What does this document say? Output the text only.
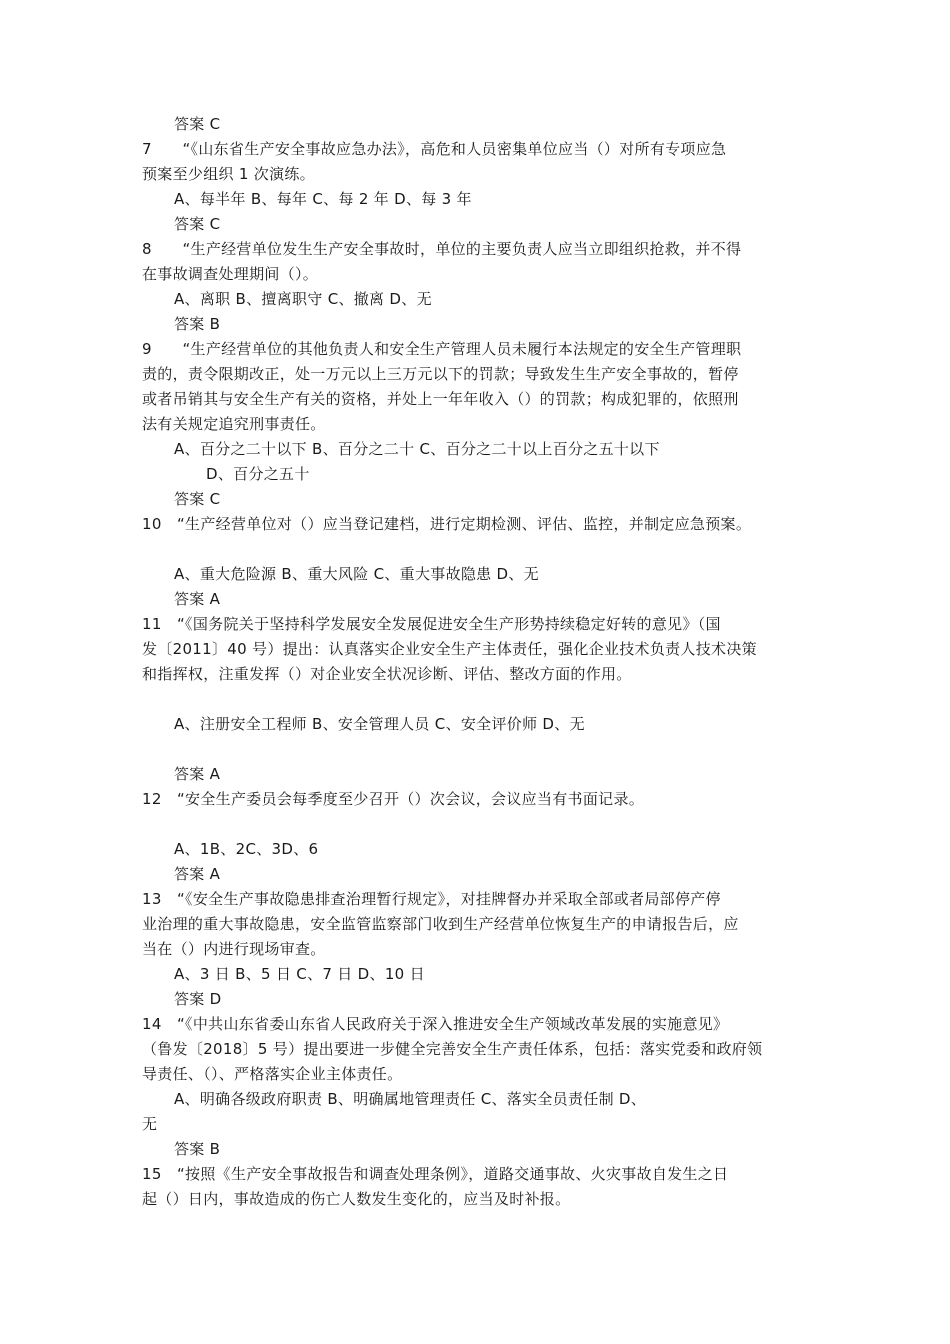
答案 C

7　　“《山东省生产安全事故应急办法》，高危和人员密集单位应当（）对所有专项应急

预案至少组织 1 次演练。

A、每半年 B、每年 C、每 2 年 D、每 3 年

答案 C

8　　“生产经营单位发生生产安全事故时，单位的主要负责人应当立即组织抢救，并不得

在事故调查处理期间（）。

A、离职 B、擅离职守 C、撤离 D、无

答案 B

9　　“生产经营单位的其他负责人和安全生产管理人员未履行本法规定的安全生产管理职

责的，责令限期改正，处一万元以上三万元以下的罚款；导致发生生产安全事故的，暂停

或者吊销其与安全生产有关的资格，并处上一年年收入（）的罚款；构成犯罪的，依照刑

法有关规定追究刑事责任。

A、百分之二十以下 B、百分之二十 C、百分之二十以上百分之五十以下

D、百分之五十

答案 C

10　“生产经营单位对（）应当登记建档，进行定期检测、评估、监控，并制定应急预案。

A、重大危险源 B、重大风险 C、重大事故隐患 D、无

答案 A

11　“《国务院关于坚持科学发展安全发展促进安全生产形势持续稳定好转的意见》（国

发〔2011〕40 号）提出：认真落实企业安全生产主体责任，强化企业技术负责人技术决策

和指挥权，注重发挥（）对企业安全状况诊断、评估、整改方面的作用。

A、注册安全工程师 B、安全管理人员 C、安全评价师 D、无

答案 A

12　“安全生产委员会每季度至少召开（）次会议，会议应当有书面记录。

A、1B、2C、3D、6

答案 A

13　“《安全生产事故隐患排查治理暂行规定》，对挂牌督办并采取全部或者局部停产停

业治理的重大事故隐患，安全监管监察部门收到生产经营单位恢复生产的申请报告后，应

当在（）内进行现场审查。

A、3 日 B、5 日 C、7 日 D、10 日

答案 D

14　“《中共山东省委山东省人民政府关于深入推进安全生产领域改革发展的实施意见》

（鲁发〔2018〕5 号）提出要进一步健全完善安全生产责任体系，包括：落实党委和政府领

导责任、（）、严格落实企业主体责任。

A、明确各级政府职责 B、明确属地管理责任 C、落实全员责任制 D、

无

答案 B

15　“按照《生产安全事故报告和调查处理条例》，道路交通事故、火灾事故自发生之日

起（）日内，事故造成的伤亡人数发生变化的，应当及时补报。
